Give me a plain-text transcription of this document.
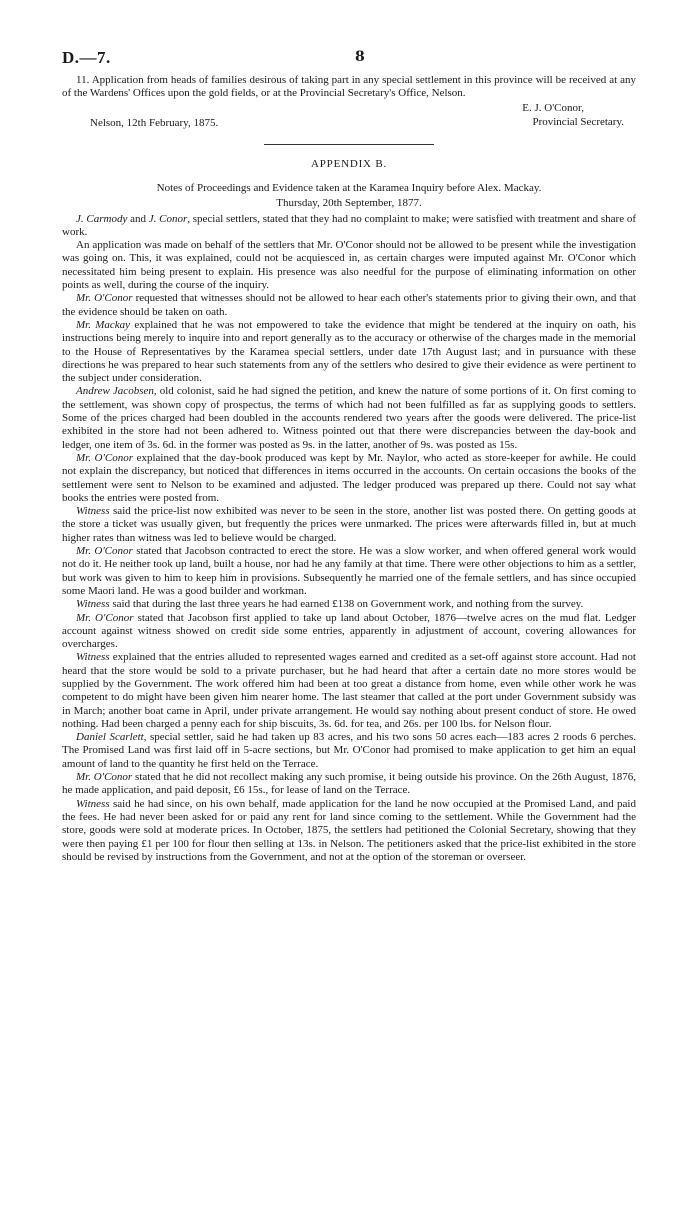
D.—7.	8

11. Application from heads of families desirous of taking part in any special settlement in this province will be received at any of the Wardens' Offices upon the gold fields, or at the Provincial Secretary's Office, Nelson.

E. J. O'Conor,
Nelson, 12th February, 1875.	Provincial Secretary.
APPENDIX B.
Notes of Proceedings and Evidence taken at the Karamea Inquiry before Alex. Mackay.
Thursday, 20th September, 1877.

J. Carmody and J. Conor, special settlers, stated that they had no complaint to make; were satisfied with treatment and share of work.

An application was made on behalf of the settlers that Mr. O'Conor should not be allowed to be present while the investigation was going on. This, it was explained, could not be acquiesced in, as certain charges were imputed against Mr. O'Conor which necessitated him being present to explain. His presence was also needful for the purpose of eliminating information on other points as well, during the course of the inquiry.

Mr. O'Conor requested that witnesses should not be allowed to hear each other's statements prior to giving their own, and that the evidence should be taken on oath.

Mr. Mackay explained that he was not empowered to take the evidence that might be tendered at the inquiry on oath, his instructions being merely to inquire into and report generally as to the accuracy or otherwise of the charges made in the memorial to the House of Representatives by the Karamea special settlers, under date 17th August last; and in pursuance with these directions he was prepared to hear such statements from any of the settlers who desired to give their evidence as were pertinent to the subject under consideration.

Andrew Jacobsen, old colonist, said he had signed the petition, and knew the nature of some portions of it. On first coming to the settlement, was shown copy of prospectus, the terms of which had not been fulfilled as far as supplying goods to settlers. Some of the prices charged had been doubled in the accounts rendered two years after the goods were delivered. The price-list exhibited in the store had not been adhered to. Witness pointed out that there were discrepancies between the day-book and ledger, one item of 3s. 6d. in the former was posted as 9s. in the latter, another of 9s. was posted as 15s.

Mr. O'Conor explained that the day-book produced was kept by Mr. Naylor, who acted as store-keeper for awhile. He could not explain the discrepancy, but noticed that differences in items occurred in the accounts. On certain occasions the books of the settlement were sent to Nelson to be examined and adjusted. The ledger produced was prepared up there. Could not say what books the entries were posted from.

Witness said the price-list now exhibited was never to be seen in the store, another list was posted there. On getting goods at the store a ticket was usually given, but frequently the prices were unmarked. The prices were afterwards filled in, but at much higher rates than witness was led to believe would be charged.

Mr. O'Conor stated that Jacobson contracted to erect the store. He was a slow worker, and when offered general work would not do it. He neither took up land, built a house, nor had he any family at that time. There were other objections to him as a settler, but work was given to him to keep him in provisions. Subsequently he married one of the female settlers, and has since occupied some Maori land. He was a good builder and workman.

Witness said that during the last three years he had earned £138 on Government work, and nothing from the survey.

Mr. O'Conor stated that Jacobson first applied to take up land about October, 1876—twelve acres on the mud flat. Ledger account against witness showed on credit side some entries, apparently in adjustment of account, covering allowances for overcharges.

Witness explained that the entries alluded to represented wages earned and credited as a set-off against store account. Had not heard that the store would be sold to a private purchaser, but he had heard that after a certain date no more stores would be supplied by the Government. The work offered him had been at too great a distance from home, even while other work he was competent to do might have been given him nearer home. The last steamer that called at the port under Government subsidy was in March; another boat came in April, under private arrangement. He would say nothing about present conduct of store. He owed nothing. Had been charged a penny each for ship biscuits, 3s. 6d. for tea, and 26s. per 100 lbs. for Nelson flour.

Daniel Scarlett, special settler, said he had taken up 83 acres, and his two sons 50 acres each—183 acres 2 roods 6 perches. The Promised Land was first laid off in 5-acre sections, but Mr. O'Conor had promised to make application to get him an equal amount of land to the quantity he first held on the Terrace.

Mr. O'Conor stated that he did not recollect making any such promise, it being outside his province. On the 26th August, 1876, he made application, and paid deposit, £6 15s., for lease of land on the Terrace.

Witness said he had since, on his own behalf, made application for the land he now occupied at the Promised Land, and paid the fees. He had never been asked for or paid any rent for land since coming to the settlement. While the Government had the store, goods were sold at moderate prices. In October, 1875, the settlers had petitioned the Colonial Secretary, showing that they were then paying £1 per 100 for flour then selling at 13s. in Nelson. The petitioners asked that the price-list exhibited in the store should be revised by instructions from the Government, and not at the option of the storeman or overseer.
